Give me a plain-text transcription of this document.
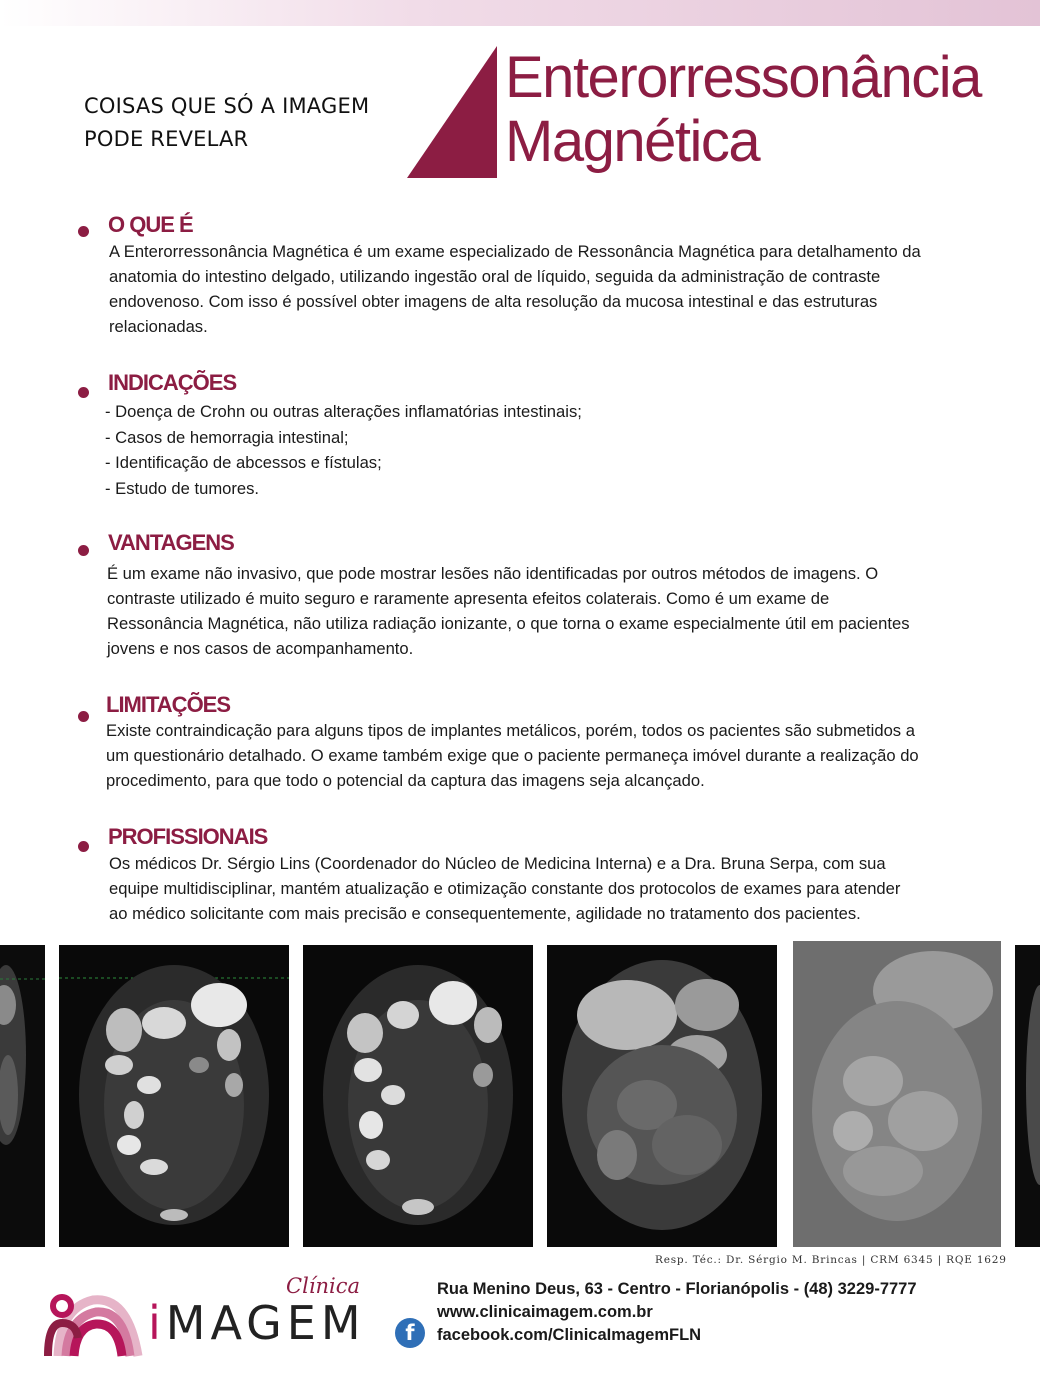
COISAS QUE SÓ A IMAGEM
PODE REVELAR
Enterorressonância
Magnética
O QUE É
A Enterorressonância Magnética é um exame especializado de Ressonância Magnética para detalhamento da
anatomia do intestino delgado, utilizando ingestão oral de líquido, seguida da administração de contraste
endovenoso. Com isso é possível obter imagens de alta resolução da mucosa intestinal e das estruturas
relacionadas.
INDICAÇÕES
- Doença de Crohn ou outras alterações inflamatórias intestinais;
- Casos de hemorragia intestinal;
- Identificação de abcessos e fístulas;
- Estudo de tumores.
VANTAGENS
É um exame não invasivo, que pode mostrar lesões não identificadas por outros métodos de imagens. O
contraste utilizado é muito seguro e raramente apresenta efeitos colaterais. Como é um exame de
Ressonância Magnética, não utiliza radiação ionizante, o que torna o exame especialmente útil em pacientes
jovens e nos casos de acompanhamento.
LIMITAÇÕES
Existe contraindicação para alguns tipos de implantes metálicos, porém, todos os pacientes são submetidos a
um questionário detalhado. O exame também exige que o paciente permaneça imóvel durante a realização do
procedimento, para que todo o potencial da captura das imagens seja alcançado.
PROFISSIONAIS
Os médicos Dr. Sérgio Lins (Coordenador do Núcleo de Medicina Interna) e a Dra. Bruna Serpa, com sua
equipe multidisciplinar, mantém atualização e otimização constante dos protocolos de exames para atender
ao médico solicitante com mais precisão e consequentemente, agilidade no tratamento dos pacientes.
Resp. Téc.: Dr. Sérgio M. Brincas | CRM 6345 | RQE 1629
Clínica
iMAGEM
Rua Menino Deus, 63 - Centro - Florianópolis - (48) 3229-7777
www.clinicaimagem.com.br
facebook.com/ClinicaImagemFLN
f
